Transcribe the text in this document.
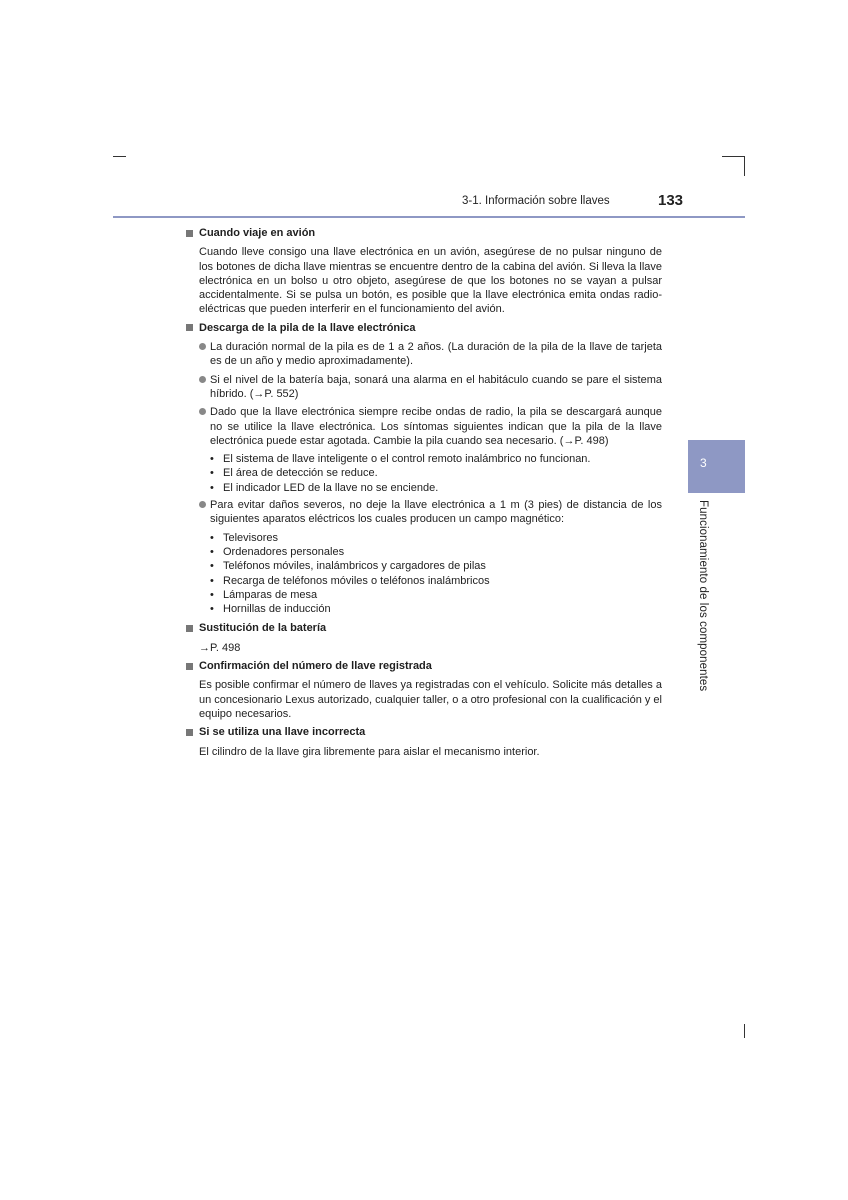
3-1. Información sobre llaves	133
3
Funcionamiento de los componentes
Cuando viaje en avión
Cuando lleve consigo una llave electrónica en un avión, asegúrese de no pulsar ninguno de los botones de dicha llave mientras se encuentre dentro de la cabina del avión. Si lleva la llave electrónica en un bolso u otro objeto, asegúrese de que los botones no se vayan a pulsar accidentalmente. Si se pulsa un botón, es posible que la llave electrónica emita ondas radio-eléctricas que pueden interferir en el funcionamiento del avión.
Descarga de la pila de la llave electrónica
La duración normal de la pila es de 1 a 2 años. (La duración de la pila de la llave de tarjeta es de un año y medio aproximadamente).
Si el nivel de la batería baja, sonará una alarma en el habitáculo cuando se pare el sistema híbrido. (→P. 552)
Dado que la llave electrónica siempre recibe ondas de radio, la pila se descargará aunque no se utilice la llave electrónica. Los síntomas siguientes indican que la pila de la llave electrónica puede estar agotada. Cambie la pila cuando sea necesario. (→P. 498)
• El sistema de llave inteligente o el control remoto inalámbrico no funcionan.
• El área de detección se reduce.
• El indicador LED de la llave no se enciende.
Para evitar daños severos, no deje la llave electrónica a 1 m (3 pies) de distancia de los siguientes aparatos eléctricos los cuales producen un campo magnético:
• Televisores
• Ordenadores personales
• Teléfonos móviles, inalámbricos y cargadores de pilas
• Recarga de teléfonos móviles o teléfonos inalámbricos
• Lámparas de mesa
• Hornillas de inducción
Sustitución de la batería
→P. 498
Confirmación del número de llave registrada
Es posible confirmar el número de llaves ya registradas con el vehículo. Solicite más detalles a un concesionario Lexus autorizado, cualquier taller, o a otro profesional con la cualificación y el equipo necesarios.
Si se utiliza una llave incorrecta
El cilindro de la llave gira libremente para aislar el mecanismo interior.
